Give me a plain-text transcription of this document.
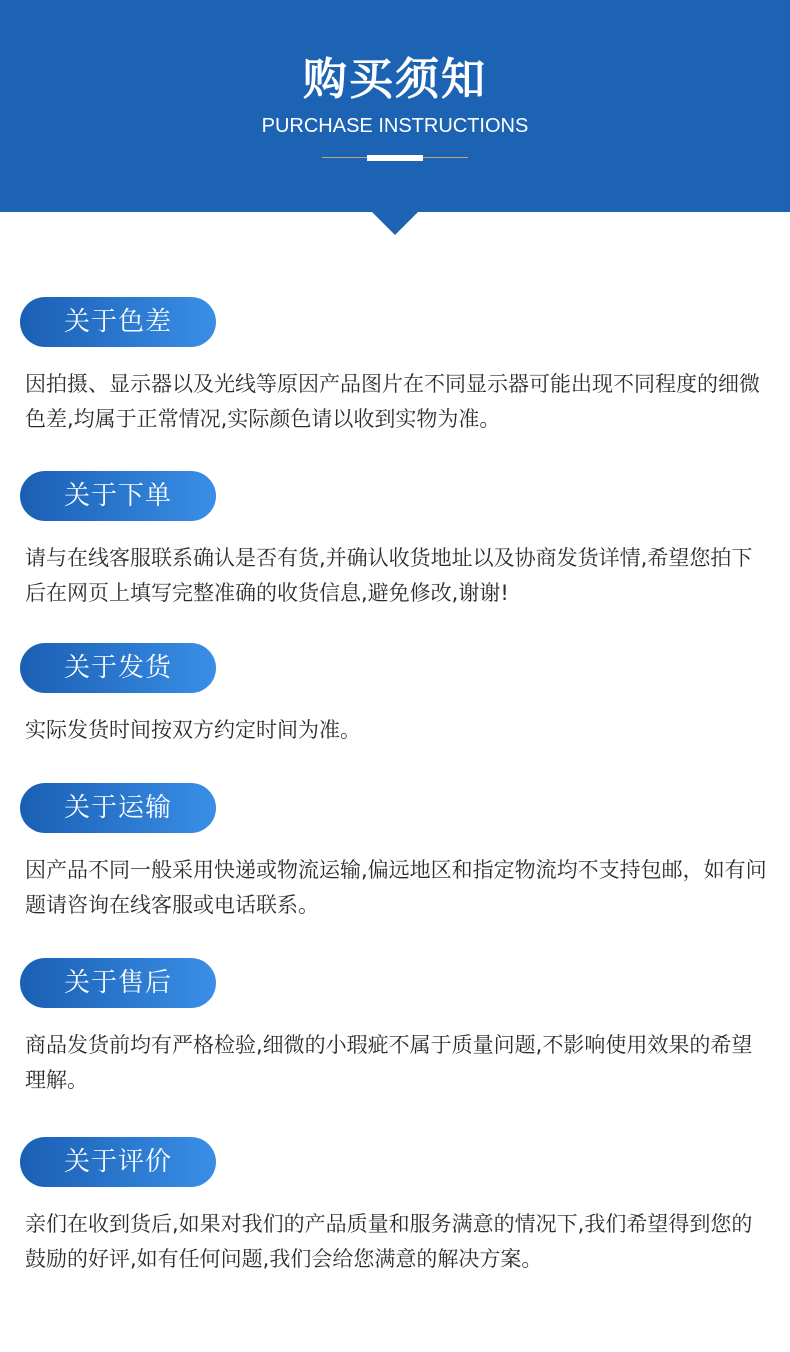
购买须知
PURCHASE INSTRUCTIONS
关于色差
因拍摄、显示器以及光线等原因产品图片在不同显示器可能出现不同程度的细微色差,均属于正常情况,实际颜色请以收到实物为准。
关于下单
请与在线客服联系确认是否有货,并确认收货地址以及协商发货详情,希望您拍下后在网页上填写完整准确的收货信息,避免修改,谢谢!
关于发货
实际发货时间按双方约定时间为准。
关于运输
因产品不同一般采用快递或物流运输,偏远地区和指定物流均不支持包邮，如有问题请咨询在线客服或电话联系。
关于售后
商品发货前均有严格检验,细微的小瑕疵不属于质量问题,不影响使用效果的希望理解。
关于评价
亲们在收到货后,如果对我们的产品质量和服务满意的情况下,我们希望得到您的鼓励的好评,如有任何问题,我们会给您满意的解决方案。
